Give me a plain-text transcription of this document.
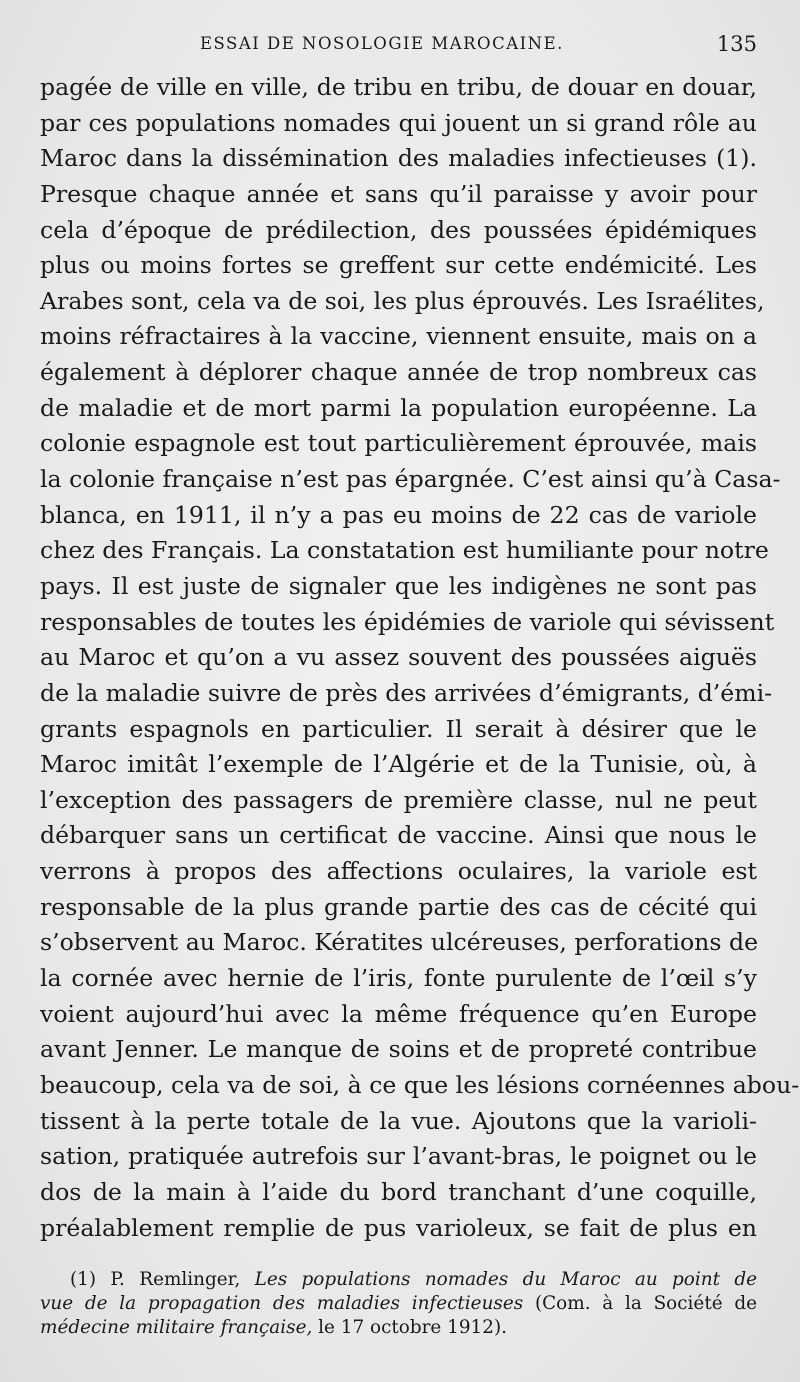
ESSAI DE NOSOLOGIE MAROCAINE.	135
pagée de ville en ville, de tribu en tribu, de douar en douar,
par ces populations nomades qui jouent un si grand rôle au
Maroc dans la dissémination des maladies infectieuses (1).
Presque chaque année et sans qu’il paraisse y avoir pour
cela d’époque de prédilection, des poussées épidémiques
plus ou moins fortes se greffent sur cette endémicité. Les
Arabes sont, cela va de soi, les plus éprouvés. Les Israélites,
moins réfractaires à la vaccine, viennent ensuite, mais on a
également à déplorer chaque année de trop nombreux cas
de maladie et de mort parmi la population européenne. La
colonie espagnole est tout particulièrement éprouvée, mais
la colonie française n’est pas épargnée. C’est ainsi qu’à Casa-
blanca, en 1911, il n’y a pas eu moins de 22 cas de variole
chez des Français. La constatation est humiliante pour notre
pays. Il est juste de signaler que les indigènes ne sont pas
responsables de toutes les épidémies de variole qui sévissent
au Maroc et qu’on a vu assez souvent des poussées aiguës
de la maladie suivre de près des arrivées d’émigrants, d’émi-
grants espagnols en particulier. Il serait à désirer que le
Maroc imitât l’exemple de l’Algérie et de la Tunisie, où, à
l’exception des passagers de première classe, nul ne peut
débarquer sans un certificat de vaccine. Ainsi que nous le
verrons à propos des affections oculaires, la variole est
responsable de la plus grande partie des cas de cécité qui
s’observent au Maroc. Kératites ulcéreuses, perforations de
la cornée avec hernie de l’iris, fonte purulente de l’œil s’y
voient aujourd’hui avec la même fréquence qu’en Europe
avant Jenner. Le manque de soins et de propreté contribue
beaucoup, cela va de soi, à ce que les lésions cornéennes abou-
tissent à la perte totale de la vue. Ajoutons que la varioli-
sation, pratiquée autrefois sur l’avant-bras, le poignet ou le
dos de la main à l’aide du bord tranchant d’une coquille,
préalablement remplie de pus varioleux, se fait de plus en
(1) P. Remlinger, Les populations nomades du Maroc au point de
vue de la propagation des maladies infectieuses (Com. à la Société de
médecine militaire française, le 17 octobre 1912).
